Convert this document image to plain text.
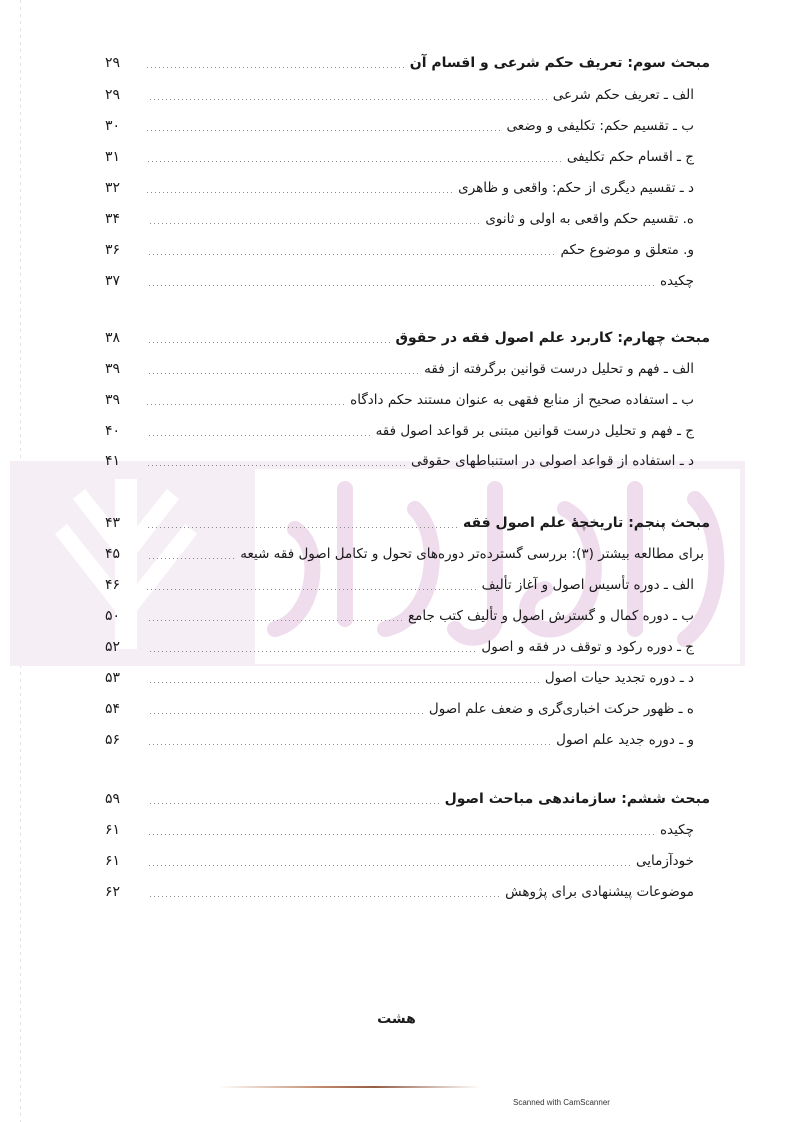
مبحث سوم: تعریف حکم شرعی و اقسام آن
۲۹
الف ـ تعریف حکم شرعی
۲۹
ب ـ تقسیم حکم: تکلیفی و وضعی
۳۰
ج ـ اقسام حکم تکلیفی
۳۱
د ـ تقسیم دیگری از حکم: واقعی و ظاهری
۳۲
ه. تقسیم حکم واقعی به اولی و ثانوی
۳۴
و. متعلق و موضوع حکم
۳۶
چکیده
۳۷
مبحث چهارم: کاربرد علم اصول فقه در حقوق
۳۸
الف ـ فهم و تحلیل درست قوانین برگرفته از فقه
۳۹
ب ـ استفاده صحیح از منابع فقهی به عنوان مستند حکم دادگاه
۳۹
ج ـ فهم و تحلیل درست قوانین مبتنی بر قواعد اصول فقه
۴۰
د ـ استفاده از قواعد اصولی در استنباطهای حقوقی
۴۱
مبحث پنجم: تاریخچهٔ علم اصول فقه
۴۳
برای مطالعه بیشتر (۳): بررسی گسترده‌تر دوره‌های تحول و تکامل اصول فقه شیعه
۴۵
الف ـ دوره تأسیس اصول و آغاز تألیف
۴۶
ب ـ دوره کمال و گسترش اصول و تألیف کتب جامع
۵۰
ج ـ دوره رکود و توقف در فقه و اصول
۵۲
د ـ دوره تجدید حیات اصول
۵۳
ه ـ ظهور حرکت اخباری‌گری و ضعف علم اصول
۵۴
و ـ دوره جدید علم اصول
۵۶
مبحث ششم: سازماندهی مباحث اصول
۵۹
چکیده
۶۱
خودآزمایی
۶۱
موضوعات پیشنهادی برای پژوهش
۶۲
هشت
Scanned with CamScanner
